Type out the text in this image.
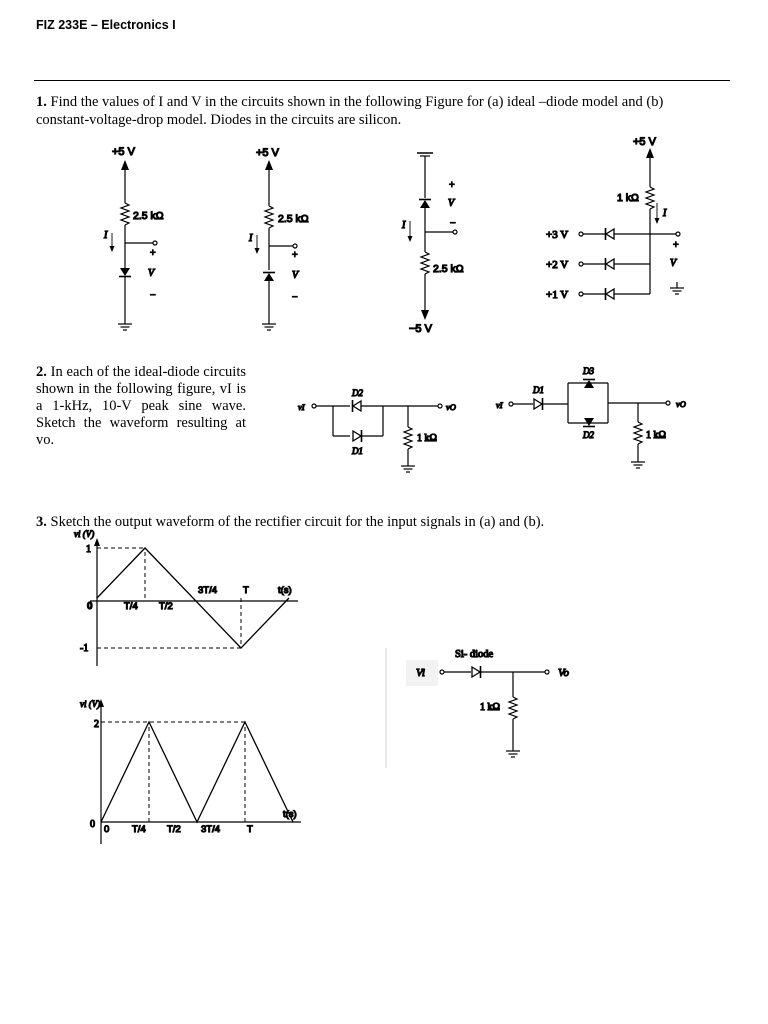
FIZ 233E – Electronics I
1. Find the values of I and V in the circuits shown in the following Figure for (a) ideal –diode model and (b)
constant-voltage-drop model. Diodes in the circuits are silicon.
2. In each of the ideal-diode circuits shown in the following figure, vI is a 1-kHz, 10-V peak sine wave. Sketch the waveform resulting at vo.
3. Sketch the output waveform of the rectifier circuit for the input signals in (a) and (b).
+5 V
2.5 kΩ
I
+
V
−
+5 V
2.5 kΩ
I
+
V
−
+
V
−
I
2.5 kΩ
−5 V
+5 V
1 kΩ
I
+
V
+3 V
+2 V
+1 V
vI	vO
D2
D1
1 kΩ
vI	vO
D1
D3
D2	1 kΩ
vi (V)
1
0
-1
T/4 T/2
3T/4	T	t(s)
vi (V)
2
0 0 T/4 T/2 3T/4	T
t(s)
Si- diode
Vi	Vo
1 kΩ
